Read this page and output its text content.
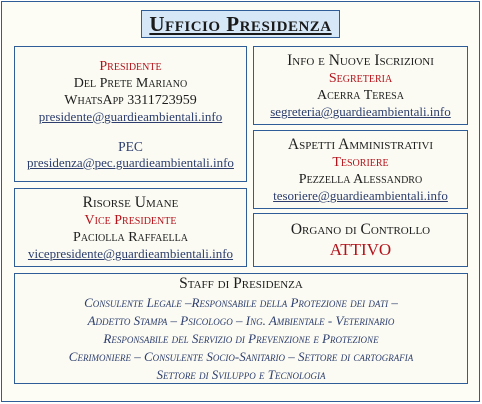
Ufficio Presidenza
Presidente
Del Prete Mariano
WhatsApp 3311723959
presidente@guardieambientali.info
PEC
presidenza@pec.guardieambientali.info
Info e Nuove Iscrizioni
Segreteria
Acerra Teresa
segreteria@guardieambientali.info
Aspetti Amministrativi
Tesoriere
Pezzella Alessandro
tesoriere@guardieambientali.info
Risorse Umane
Vice Presidente
Paciolla Raffaella
vicepresidente@guardieambientali.info
Organo di Controllo
ATTIVO
Staff di Presidenza
Consulente Legale –Responsabile della Protezione dei dati –
Addetto Stampa – Psicologo – Ing. Ambientale - Veterinario
Responsabile del Servizio di Prevenzione e Protezione
Cerimoniere – Consulente Socio-Sanitario – Settore di cartografia
Settore di Sviluppo e Tecnologia
